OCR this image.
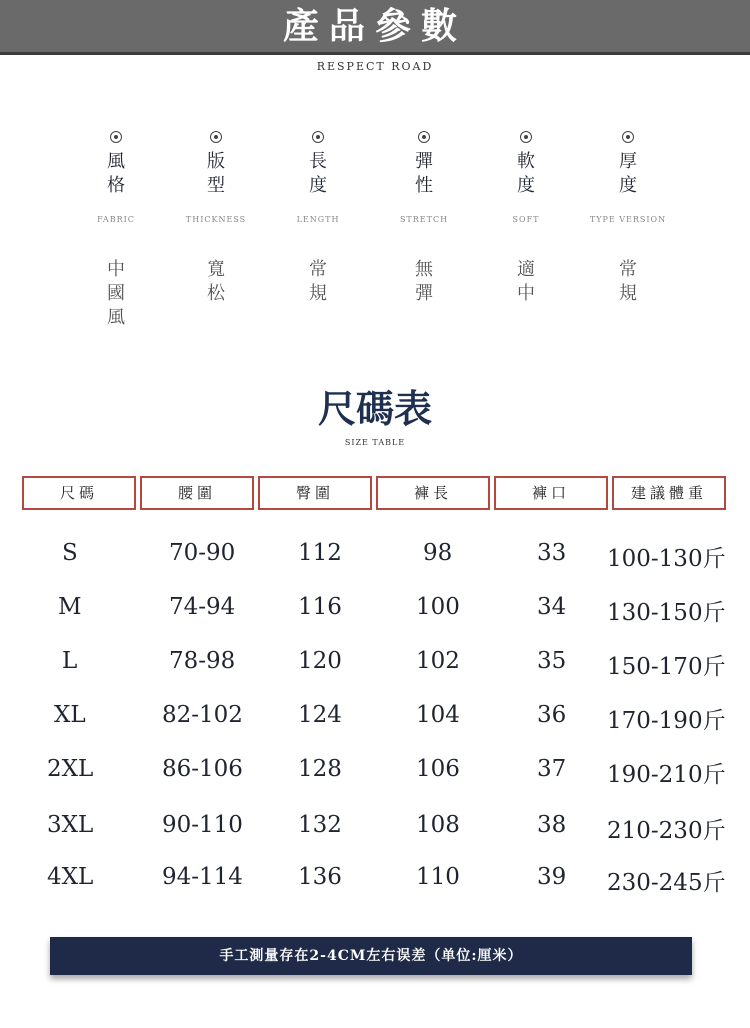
產品參數
RESPECT ROAD
風格
FABRIC
中國風
版型
THICKNESS
寬松
長度
LENGTH
常規
彈性
STRETCH
無彈
軟度
SOFT
適中
厚度
TYPE VERSION
常規
尺碼表
SIZE TABLE
尺碼	腰圍	臀圍	褲長	褲口	建議體重
S	70-90	112	98	33 100-130斤
M	74-94	116	100	34 130-150斤
L	78-98	120	102	35 150-170斤
XL	82-102 124	104	36 170-190斤
2XL	86-106 128	106	37 190-210斤
3XL	90-110 132	108	38 210-230斤
4XL	94-114 136	110	39 230-245斤
手工測量存在2-4CM左右误差（单位:厘米）
